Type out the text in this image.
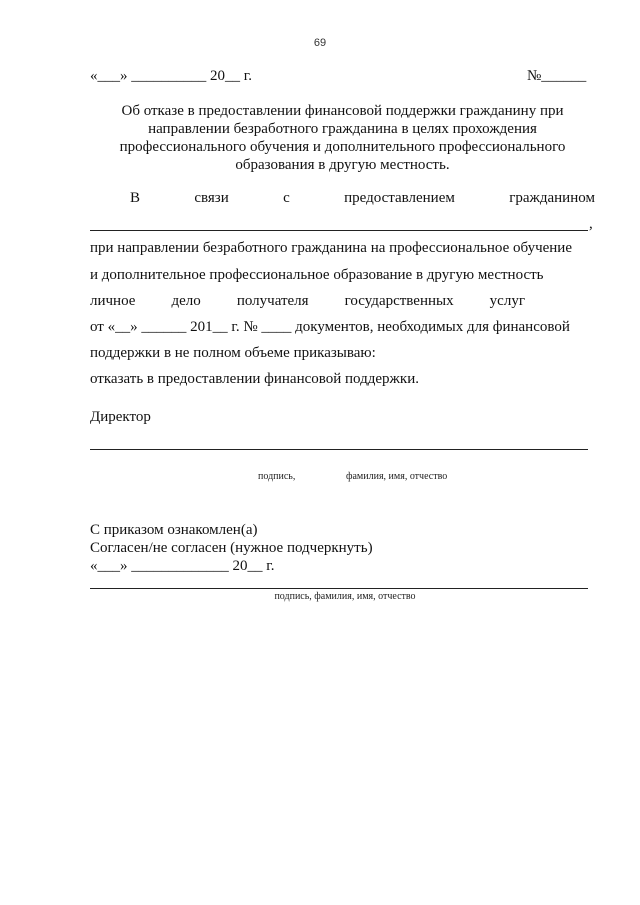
69
«___» __________ 20__ г.	№______
Об отказе в предоставлении финансовой поддержки гражданину при
направлении безработного гражданина в целях прохождения
профессионального обучения и дополнительного профессионального
образования в другую местность.
В	связи	с	предоставлением	гражданином
,
при направлении безработного гражданина на профессиональное обучение
и дополнительное профессиональное образование в другую местность
личное дело получателя государственных услуг
от «__» ______ 201__ г. № ____ документов, необходимых для финансовой
поддержки в не полном объеме приказываю:
отказать в предоставлении финансовой поддержки.
Директор
подпись,	фамилия, имя, отчество
С приказом ознакомлен(а)
Согласен/не согласен (нужное подчеркнуть)
«___» _____________ 20__ г.
подпись, фамилия, имя, отчество
